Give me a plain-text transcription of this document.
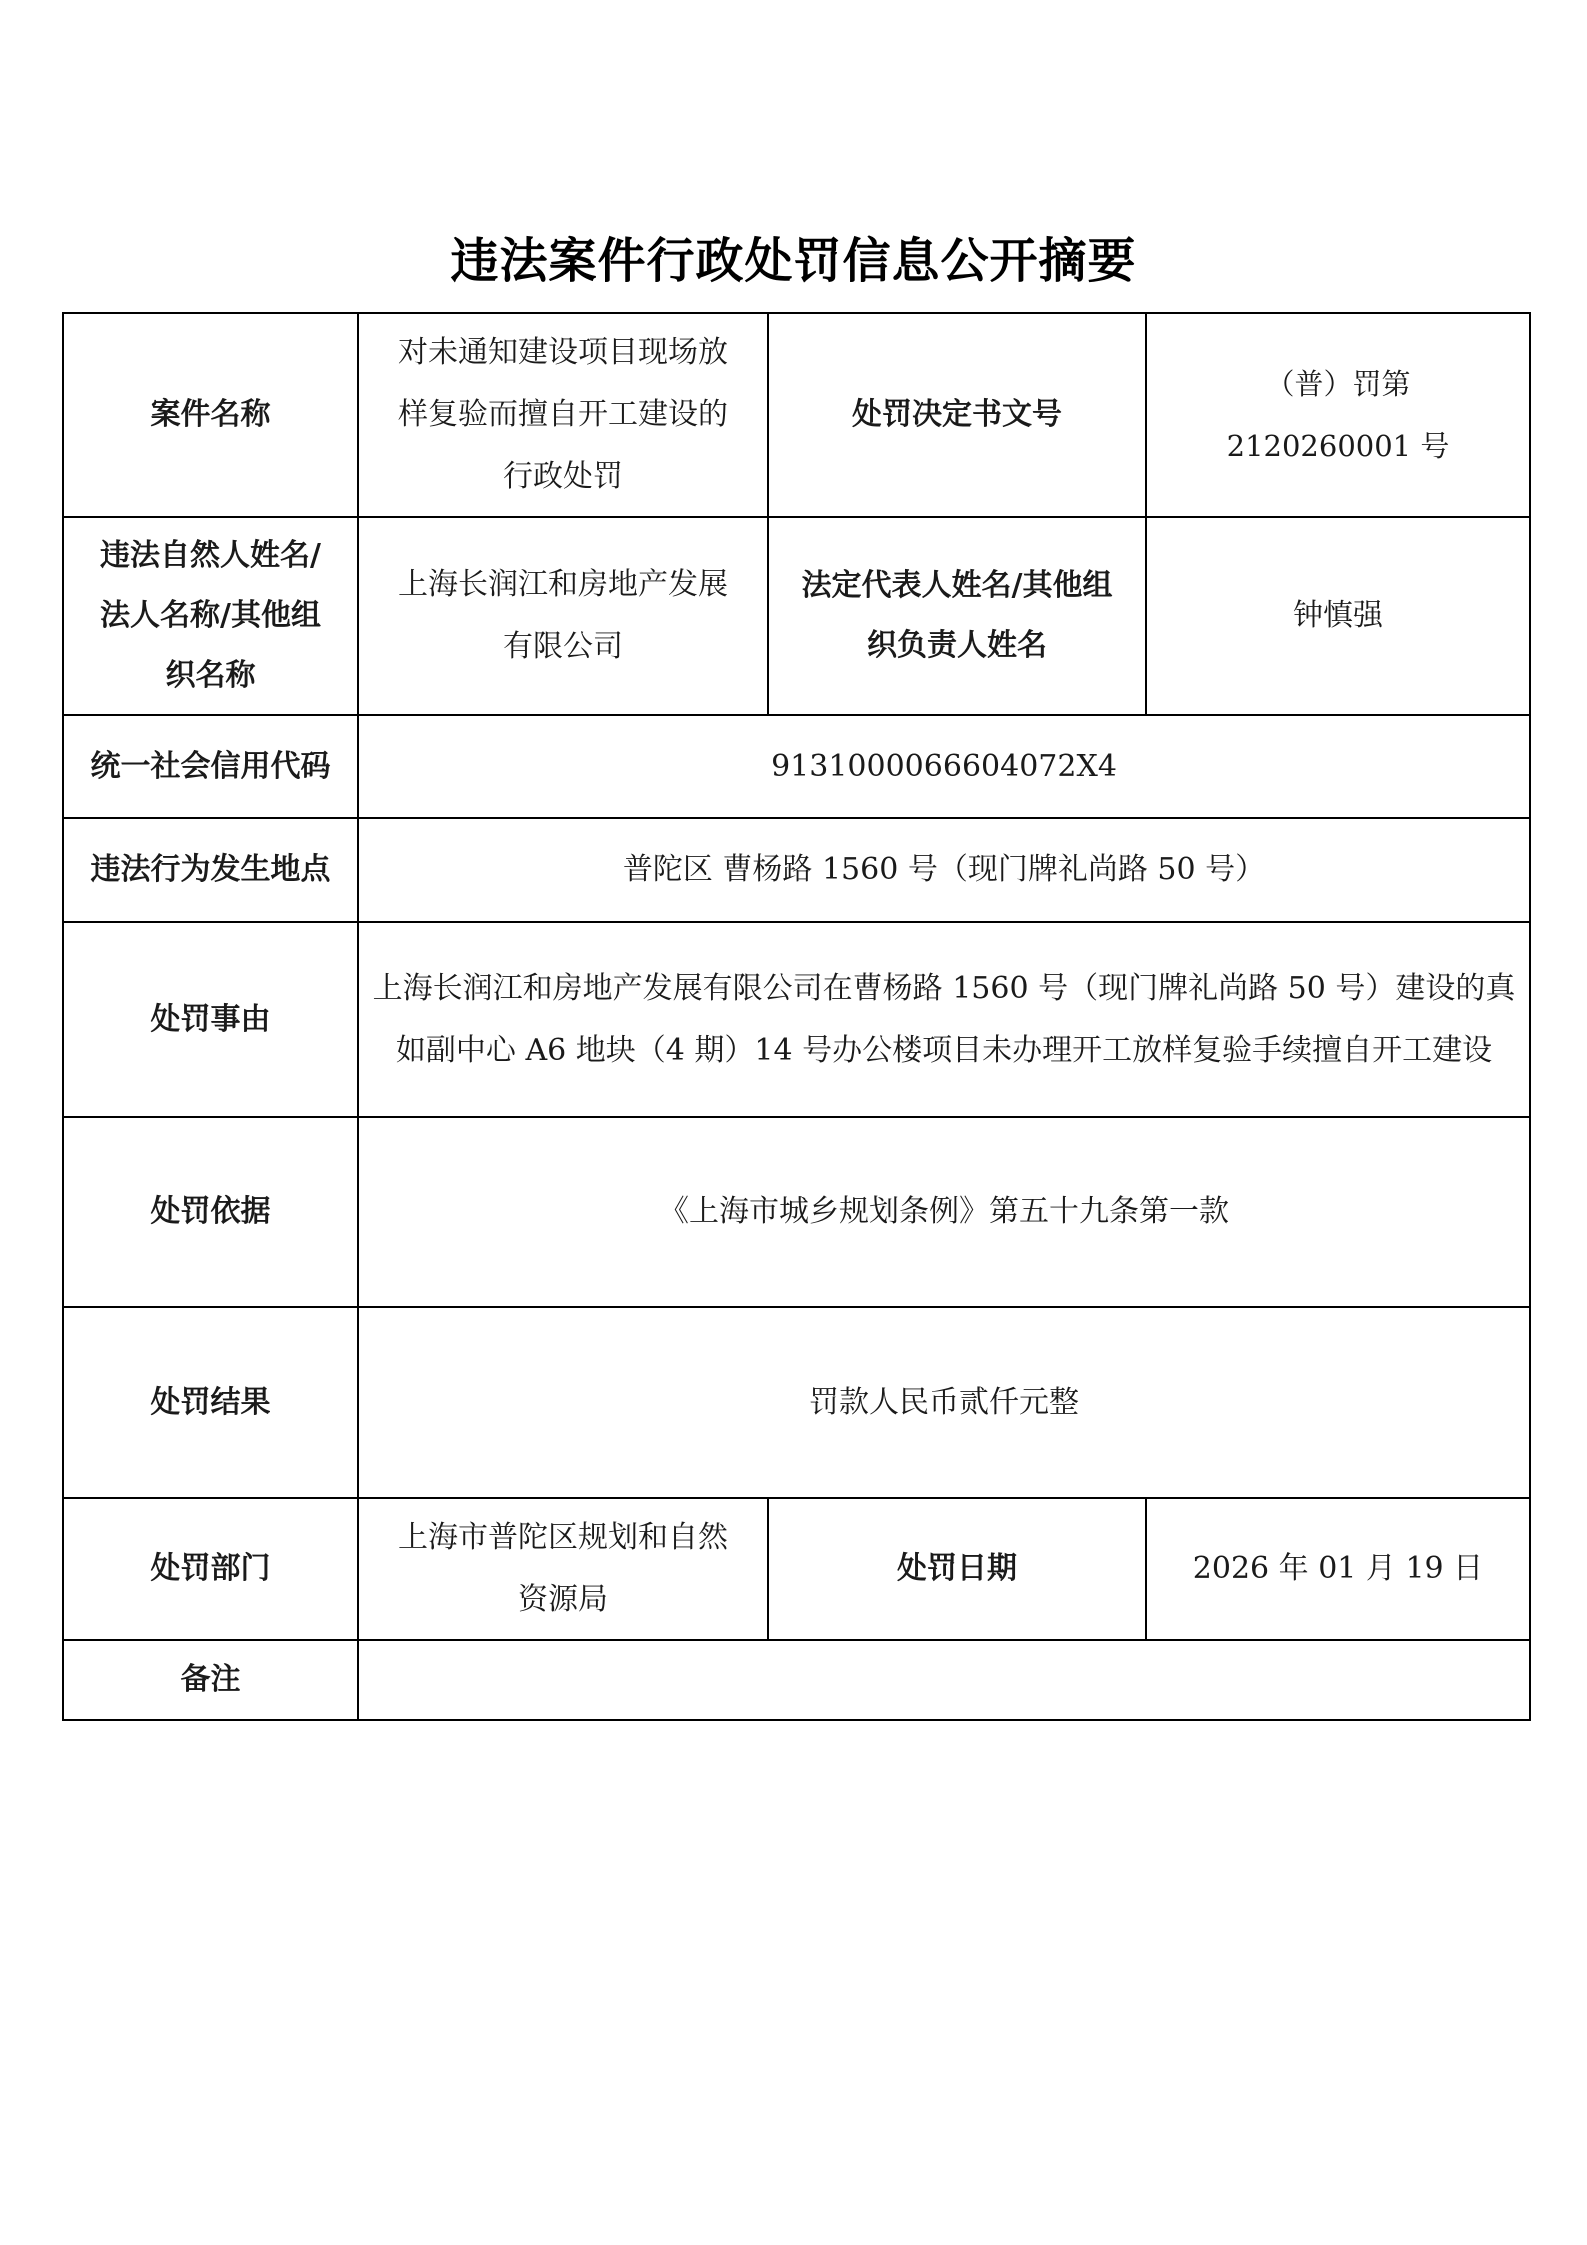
违法案件行政处罚信息公开摘要
案件名称	对未通知建设项目现场放样复验而擅自开工建设的行政处罚	处罚决定书文号	（普）罚第 2120260001 号
违法自然人姓名/法人名称/其他组织名称	上海长润江和房地产发展有限公司	法定代表人姓名/其他组织负责人姓名	钟慎强
统一社会信用代码	9131000066604072X4		
违法行为发生地点	普陀区 曹杨路 1560 号（现门牌礼尚路 50 号）		
处罚事由	上海长润江和房地产发展有限公司在曹杨路 1560 号（现门牌礼尚路 50 号）建设的真如副中心 A6 地块（4 期）14 号办公楼项目未办理开工放样复验手续擅自开工建设		
处罚依据	《上海市城乡规划条例》第五十九条第一款		
处罚结果	罚款人民币贰仟元整		
处罚部门	上海市普陀区规划和自然资源局	处罚日期	2026 年 01 月 19 日
备注			
